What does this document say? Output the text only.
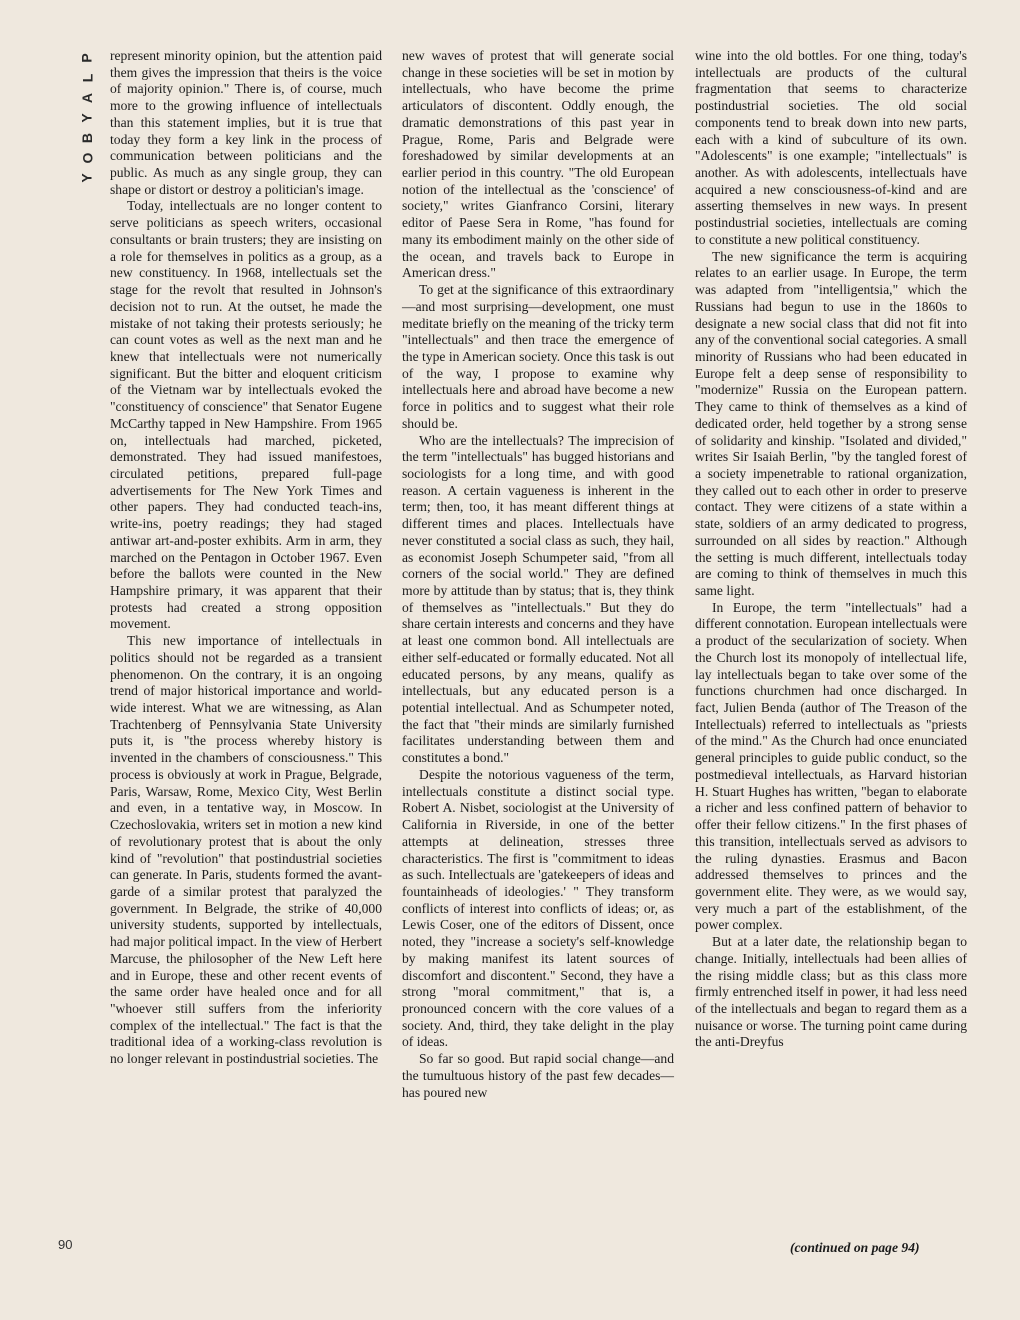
P
L
A
Y
B
O
Y

represent minority opinion, but the attention paid them gives the impression that theirs is the voice of majority opinion." There is, of course, much more to the growing influence of intellectuals than this statement implies, but it is true that today they form a key link in the process of communication between politicians and the public. As much as any single group, they can shape or distort or destroy a politician's image.

Today, intellectuals are no longer content to serve politicians as speech writers, occasional consultants or brain trusters; they are insisting on a role for themselves in politics as a group, as a new constituency. In 1968, intellectuals set the stage for the revolt that resulted in Johnson's decision not to run. At the outset, he made the mistake of not taking their protests seriously; he can count votes as well as the next man and he knew that intellectuals were not numerically significant. But the bitter and eloquent criticism of the Vietnam war by intellectuals evoked the "constituency of conscience" that Senator Eugene McCarthy tapped in New Hampshire. From 1965 on, intellectuals had marched, picketed, demonstrated. They had issued manifestoes, circulated petitions, prepared full-page advertisements for The New York Times and other papers. They had conducted teach-ins, write-ins, poetry readings; they had staged antiwar art-and-poster exhibits. Arm in arm, they marched on the Pentagon in October 1967. Even before the ballots were counted in the New Hampshire primary, it was apparent that their protests had created a strong opposition movement.

This new importance of intellectuals in politics should not be regarded as a transient phenomenon. On the contrary, it is an ongoing trend of major historical importance and world-wide interest. What we are witnessing, as Alan Trachtenberg of Pennsylvania State University puts it, is "the process whereby history is invented in the chambers of consciousness." This process is obviously at work in Prague, Belgrade, Paris, Warsaw, Rome, Mexico City, West Berlin and even, in a tentative way, in Moscow. In Czechoslovakia, writers set in motion a new kind of revolutionary protest that is about the only kind of "revolution" that postindustrial societies can generate. In Paris, students formed the avant-garde of a similar protest that paralyzed the government. In Belgrade, the strike of 40,000 university students, supported by intellectuals, had major political impact. In the view of Herbert Marcuse, the philosopher of the New Left here and in Europe, these and other recent events of the same order have healed once and for all "whoever still suffers from the inferiority complex of the intellectual." The fact is that the traditional idea of a working-class revolution is no longer relevant in postindustrial societies. The

new waves of protest that will generate social change in these societies will be set in motion by intellectuals, who have become the prime articulators of discontent. Oddly enough, the dramatic demonstrations of this past year in Prague, Rome, Paris and Belgrade were foreshadowed by similar developments at an earlier period in this country. "The old European notion of the intellectual as the 'conscience' of society," writes Gianfranco Corsini, literary editor of Paese Sera in Rome, "has found for many its embodiment mainly on the other side of the ocean, and travels back to Europe in American dress."

To get at the significance of this extraordinary—and most surprising—development, one must meditate briefly on the meaning of the tricky term "intellectuals" and then trace the emergence of the type in American society. Once this task is out of the way, I propose to examine why intellectuals here and abroad have become a new force in politics and to suggest what their role should be.

Who are the intellectuals? The imprecision of the term "intellectuals" has bugged historians and sociologists for a long time, and with good reason. A certain vagueness is inherent in the term; then, too, it has meant different things at different times and places. Intellectuals have never constituted a social class as such, they hail, as economist Joseph Schumpeter said, "from all corners of the social world." They are defined more by attitude than by status; that is, they think of themselves as "intellectuals." But they do share certain interests and concerns and they have at least one common bond. All intellectuals are either self-educated or formally educated. Not all educated persons, by any means, qualify as intellectuals, but any educated person is a potential intellectual. And as Schumpeter noted, the fact that "their minds are similarly furnished facilitates understanding between them and constitutes a bond."

Despite the notorious vagueness of the term, intellectuals constitute a distinct social type. Robert A. Nisbet, sociologist at the University of California in Riverside, in one of the better attempts at delineation, stresses three characteristics. The first is "commitment to ideas as such. Intellectuals are 'gatekeepers of ideas and fountainheads of ideologies.' " They transform conflicts of interest into conflicts of ideas; or, as Lewis Coser, one of the editors of Dissent, once noted, they "increase a society's self-knowledge by making manifest its latent sources of discomfort and discontent." Second, they have a strong "moral commitment," that is, a pronounced concern with the core values of a society. And, third, they take delight in the play of ideas.

So far so good. But rapid social change—and the tumultuous history of the past few decades—has poured new

wine into the old bottles. For one thing, today's intellectuals are products of the cultural fragmentation that seems to characterize postindustrial societies. The old social components tend to break down into new parts, each with a kind of subculture of its own. "Adolescents" is one example; "intellectuals" is another. As with adolescents, intellectuals have acquired a new consciousness-of-kind and are asserting themselves in new ways. In present postindustrial societies, intellectuals are coming to constitute a new political constituency.

The new significance the term is acquiring relates to an earlier usage. In Europe, the term was adapted from "intelligentsia," which the Russians had begun to use in the 1860s to designate a new social class that did not fit into any of the conventional social categories. A small minority of Russians who had been educated in Europe felt a deep sense of responsibility to "modernize" Russia on the European pattern. They came to think of themselves as a kind of dedicated order, held together by a strong sense of solidarity and kinship. "Isolated and divided," writes Sir Isaiah Berlin, "by the tangled forest of a society impenetrable to rational organization, they called out to each other in order to preserve contact. They were citizens of a state within a state, soldiers of an army dedicated to progress, surrounded on all sides by reaction." Although the setting is much different, intellectuals today are coming to think of themselves in much this same light.

In Europe, the term "intellectuals" had a different connotation. European intellectuals were a product of the secularization of society. When the Church lost its monopoly of intellectual life, lay intellectuals began to take over some of the functions churchmen had once discharged. In fact, Julien Benda (author of The Treason of the Intellectuals) referred to intellectuals as "priests of the mind." As the Church had once enunciated general principles to guide public conduct, so the postmedieval intellectuals, as Harvard historian H. Stuart Hughes has written, "began to elaborate a richer and less confined pattern of behavior to offer their fellow citizens." In the first phases of this transition, intellectuals served as advisors to the ruling dynasties. Erasmus and Bacon addressed themselves to princes and the government elite. They were, as we would say, very much a part of the establishment, of the power complex.

But at a later date, the relationship began to change. Initially, intellectuals had been allies of the rising middle class; but as this class more firmly entrenched itself in power, it had less need of the intellectuals and began to regard them as a nuisance or worse. The turning point came during the anti-Dreyfus

90	(continued on page 94)
